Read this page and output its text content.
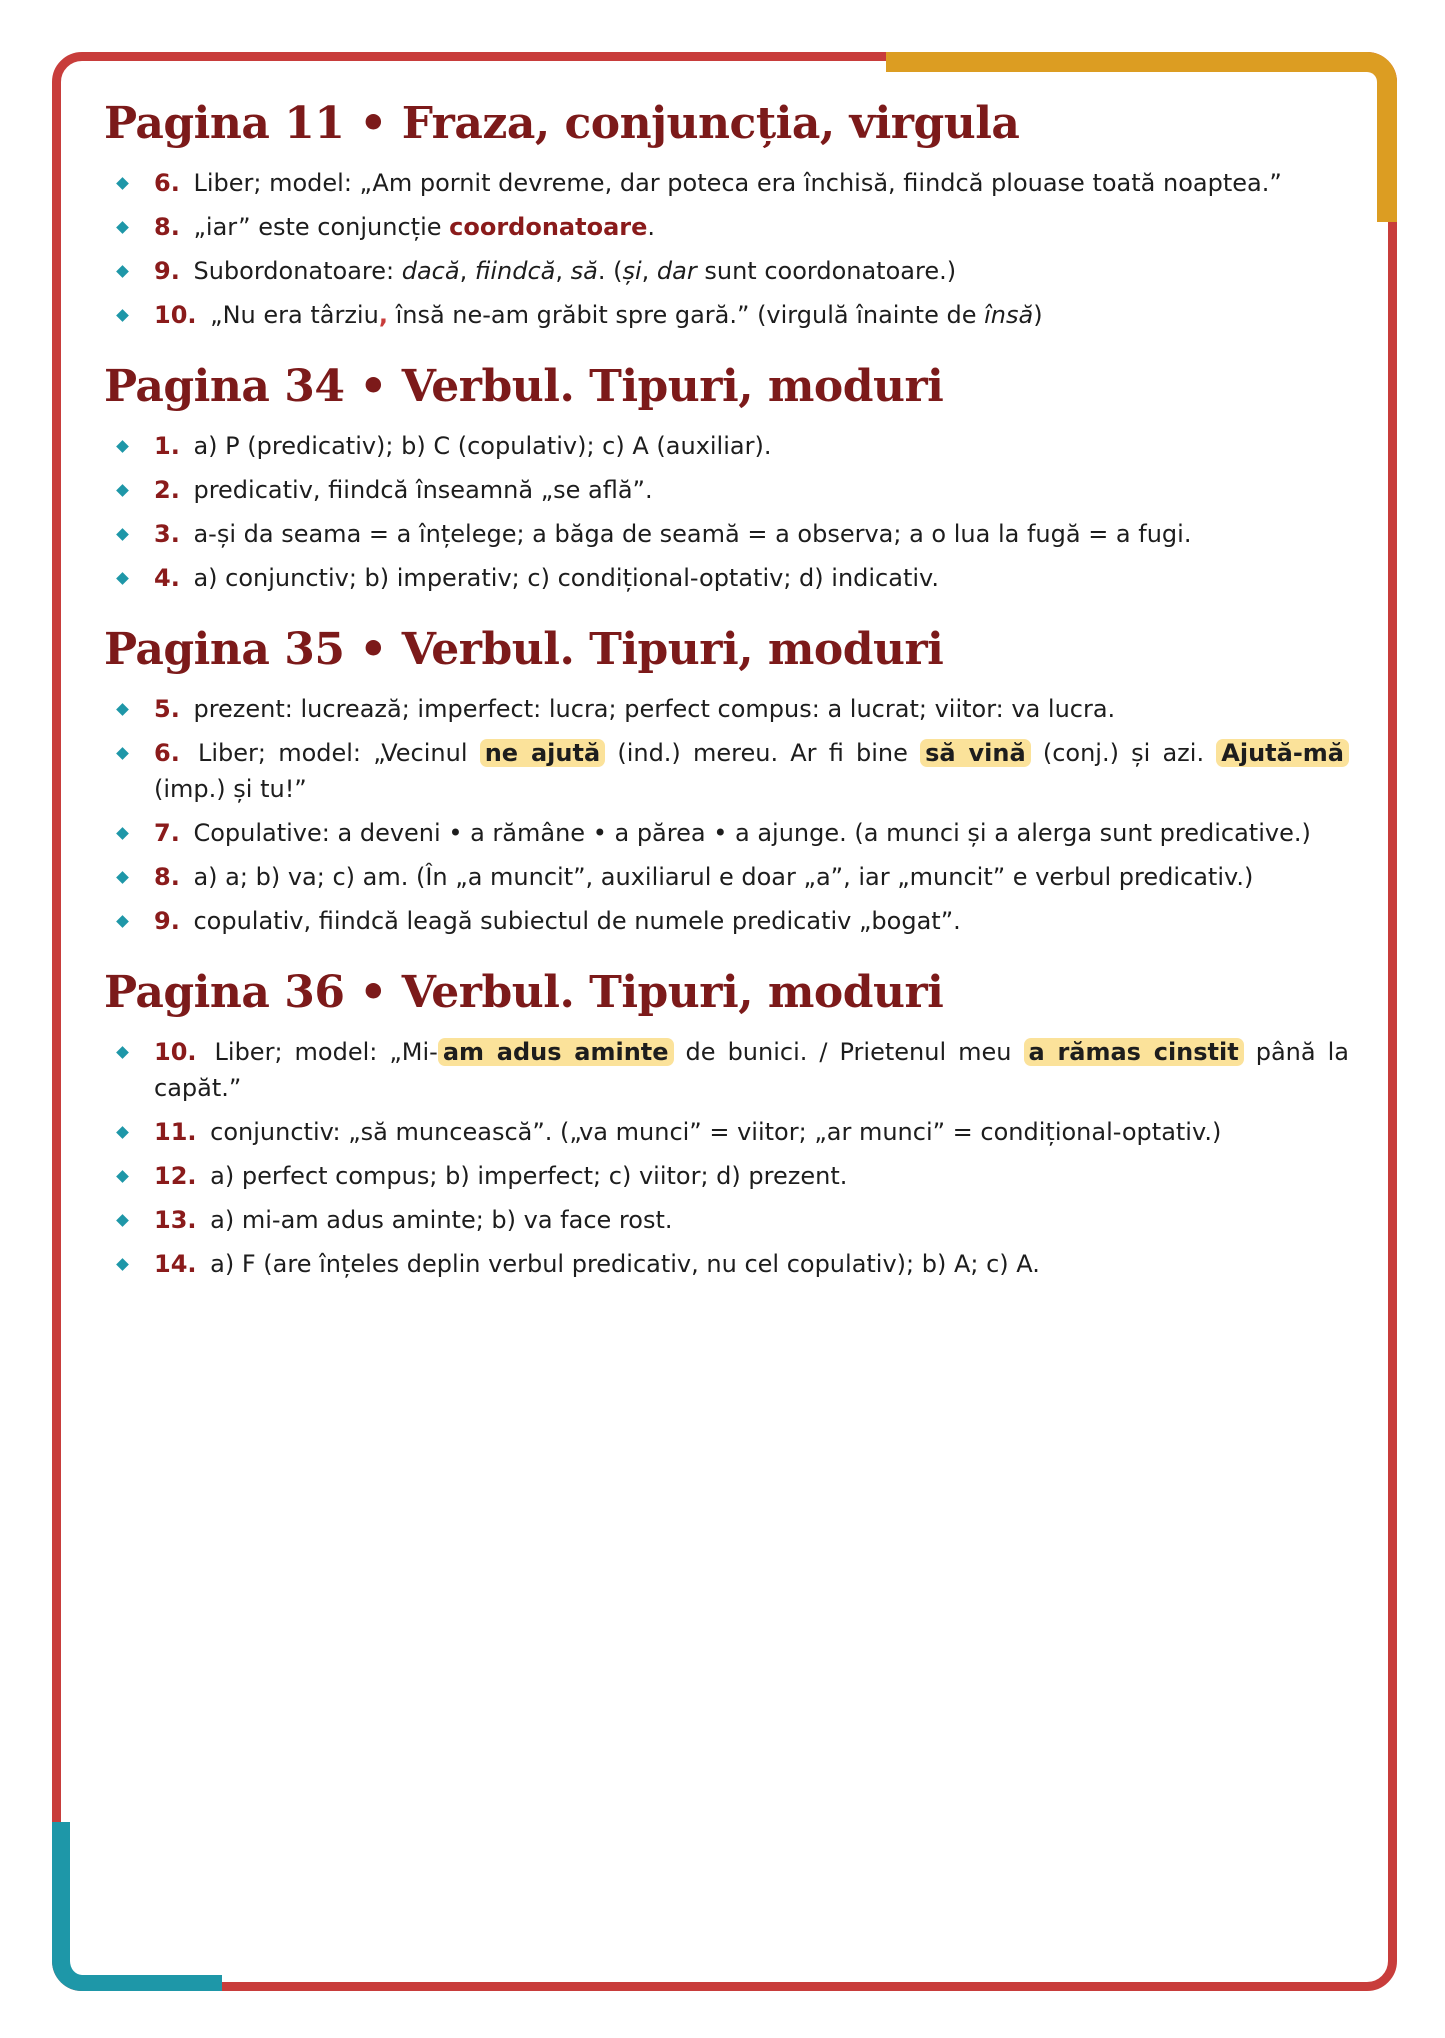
Pagina 11 • Fraza, conjuncția, virgula
6. Liber; model: „Am pornit devreme, dar poteca era închisă, fiindcă plouase toată noaptea.”
8. „iar” este conjuncție coordonatoare.
9. Subordonatoare: dacă, fiindcă, să. (și, dar sunt coordonatoare.)
10. „Nu era târziu, însă ne-am grăbit spre gară.” (virgulă înainte de însă)
Pagina 34 • Verbul. Tipuri, moduri
1. a) P (predicativ); b) C (copulativ); c) A (auxiliar).
2. predicativ, fiindcă înseamnă „se află”.
3. a-și da seama = a înțelege; a băga de seamă = a observa; a o lua la fugă = a fugi.
4. a) conjunctiv; b) imperativ; c) condițional-optativ; d) indicativ.
Pagina 35 • Verbul. Tipuri, moduri
5. prezent: lucrează; imperfect: lucra; perfect compus: a lucrat; viitor: va lucra.
6. Liber; model: „Vecinul ne ajută (ind.) mereu. Ar fi bine să vină (conj.) și azi. Ajută-mă (imp.) și tu!”
7. Copulative: a deveni • a rămâne • a părea • a ajunge. (a munci și a alerga sunt predicative.)
8. a) a; b) va; c) am. (În „a muncit”, auxiliarul e doar „a”, iar „muncit” e verbul predicativ.)
9. copulativ, fiindcă leagă subiectul de numele predicativ „bogat”.
Pagina 36 • Verbul. Tipuri, moduri
10. Liber; model: „Mi- am adus aminte de bunici. / Prietenul meu a rămas cinstit până la capăt.”
11. conjunctiv: „să muncească”. („va munci” = viitor; „ar munci” = condițional-optativ.)
12. a) perfect compus; b) imperfect; c) viitor; d) prezent.
13. a) mi-am adus aminte; b) va face rost.
14. a) F (are înțeles deplin verbul predicativ, nu cel copulativ); b) A; c) A.
